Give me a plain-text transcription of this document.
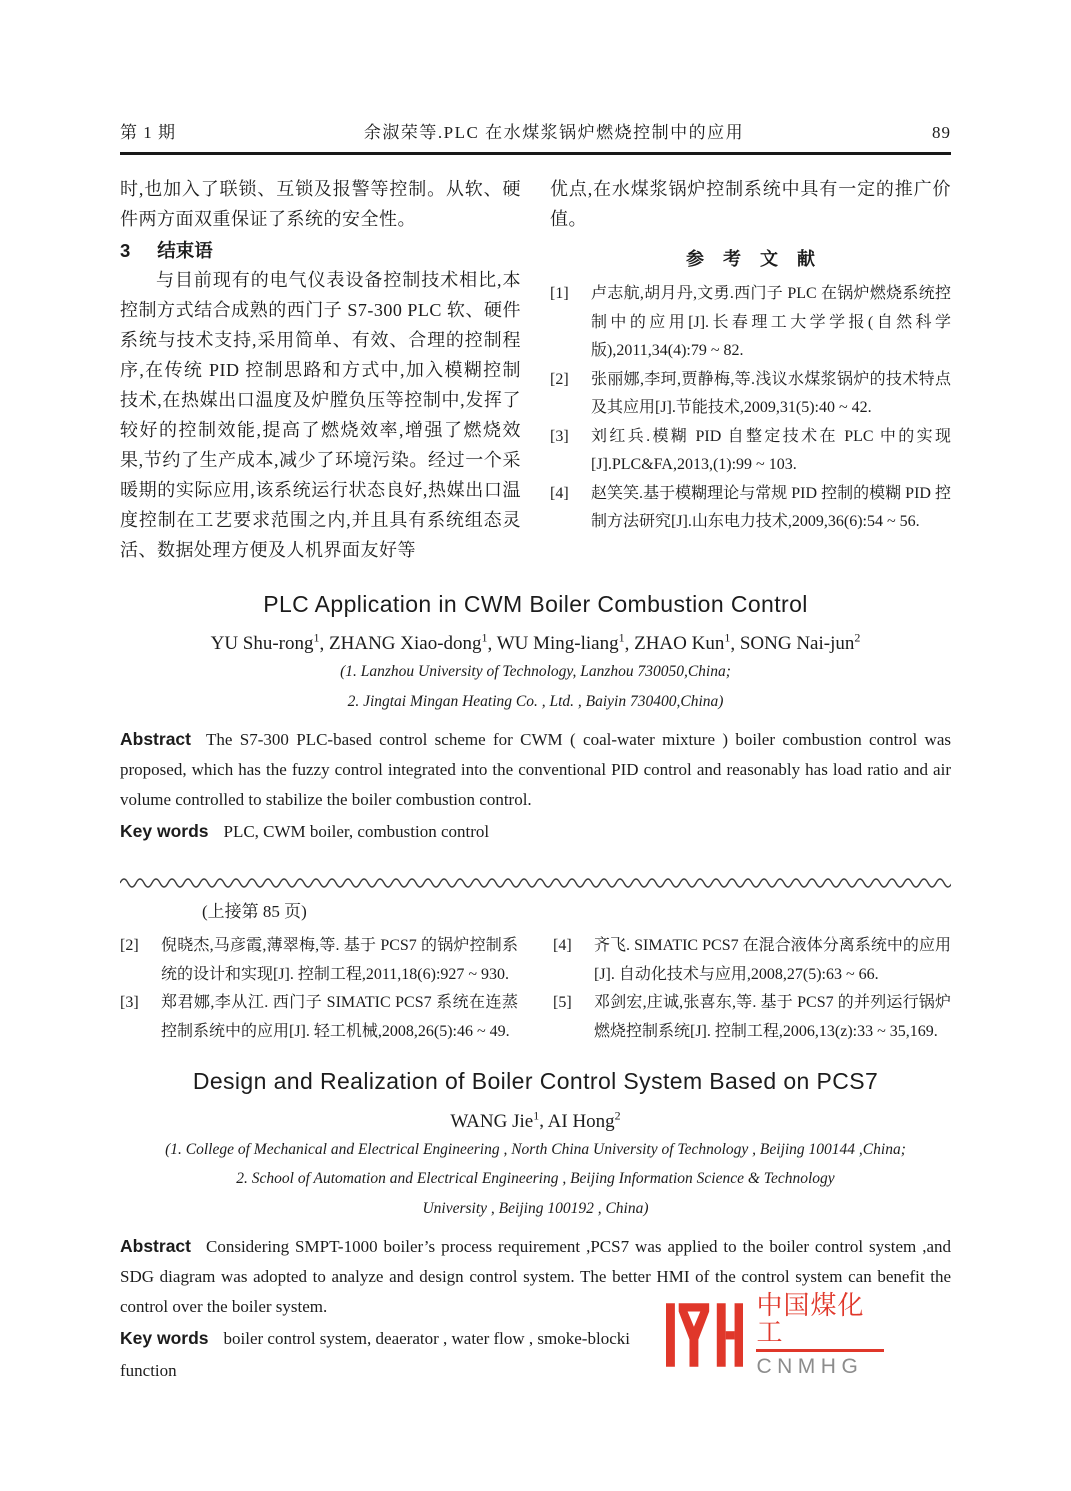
第 1 期	余淑荣等.PLC 在水煤浆锅炉燃烧控制中的应用	89

时,也加入了联锁、互锁及报警等控制。从软、硬件两方面双重保证了系统的安全性。

3 结束语

与目前现有的电气仪表设备控制技术相比,本控制方式结合成熟的西门子 S7-300 PLC 软、硬件系统与技术支持,采用简单、有效、合理的控制程序,在传统 PID 控制思路和方式中,加入模糊控制技术,在热媒出口温度及炉膛负压等控制中,发挥了较好的控制效能,提高了燃烧效率,增强了燃烧效果,节约了生产成本,减少了环境污染。经过一个采暖期的实际应用,该系统运行状态良好,热媒出口温度控制在工艺要求范围之内,并且具有系统组态灵活、数据处理方便及人机界面友好等

优点,在水煤浆锅炉控制系统中具有一定的推广价值。

参考文献
[1]	卢志航,胡月丹,文勇.西门子 PLC 在锅炉燃烧系统控制中的应用[J].长春理工大学学报(自然科学版),2011,34(4):79 ~ 82.
[2]	张丽娜,李珂,贾静梅,等.浅议水煤浆锅炉的技术特点及其应用[J].节能技术,2009,31(5):40 ~ 42.
[3]	刘红兵.模糊 PID 自整定技术在 PLC 中的实现[J].PLC&FA,2013,(1):99 ~ 103.
[4]	赵笑笑.基于模糊理论与常规 PID 控制的模糊 PID 控制方法研究[J].山东电力技术,2009,36(6):54 ~ 56.
PLC Application in CWM Boiler Combustion Control
YU Shu-rong$^1$, ZHANG Xiao-dong$^1$, WU Ming-liang$^1$, ZHAO Kun$^1$, SONG Nai-jun$^2$
(1. Lanzhou University of Technology, Lanzhou 730050,China;
2. Jingtai Mingan Heating Co. , Ltd. , Baiyin 730400,China)

Abstract The S7-300 PLC-based control scheme for CWM ( coal-water mixture ) boiler combustion control was proposed, which has the fuzzy control integrated into the conventional PID control and reasonably has load ratio and air volume controlled to stabilize the boiler combustion control.

Key words PLC, CWM boiler, combustion control

(上接第 85 页)
[2]	倪晓杰,马彦霞,薄翠梅,等. 基于 PCS7 的锅炉控制系统的设计和实现[J]. 控制工程,2011,18(6):927 ~ 930.
[3]	郑君娜,李从江. 西门子 SIMATIC PCS7 系统在连蒸控制系统中的应用[J]. 轻工机械,2008,26(5):46 ~ 49.
[4]	齐飞. SIMATIC PCS7 在混合液体分离系统中的应用[J]. 自动化技术与应用,2008,27(5):63 ~ 66.
[5]	邓剑宏,庄诚,张喜东,等. 基于 PCS7 的并列运行锅炉燃烧控制系统[J]. 控制工程,2006,13(z):33 ~ 35,169.
Design and Realization of Boiler Control System Based on PCS7
WANG Jie$^1$, AI Hong$^2$
(1. College of Mechanical and Electrical Engineering , North China University of Technology , Beijing 100144 ,China;
2. School of Automation and Electrical Engineering , Beijing Information Science & Technology
University , Beijing 100192 , China)

Abstract Considering SMPT-1000 boiler’s process requirement ,PCS7 was applied to the boiler control system ,and SDG diagram was adopted to analyze and design control system. The better HMI of the control system can benefit the control over the boiler system.

Key words boiler control system, deaerator , water flow , smoke-blocki

function

中国煤化工
CNMHG
